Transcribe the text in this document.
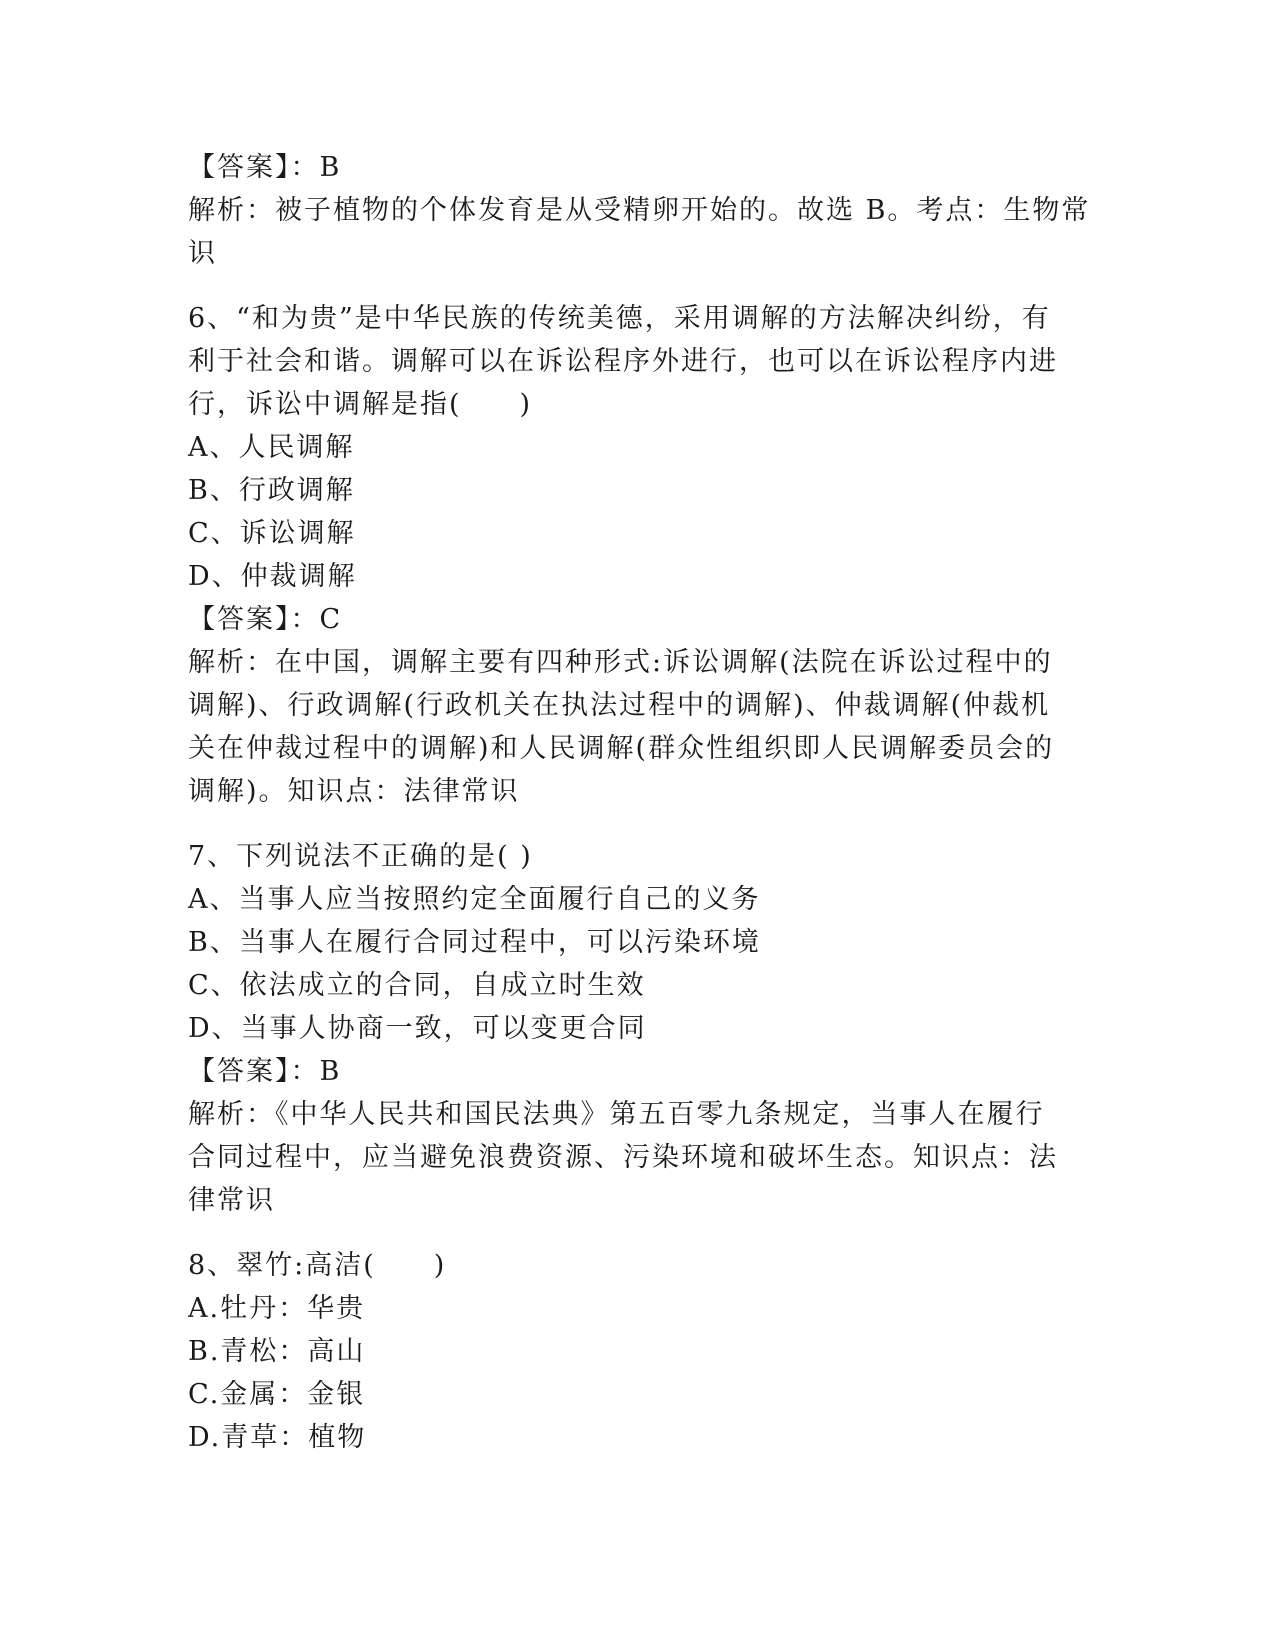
【答案】：B
解析：被子植物的个体发育是从受精卵开始的。故选 B。考点：生物常
识
6、“和为贵”是中华民族的传统美德，采用调解的方法解决纠纷，有
利于社会和谐。调解可以在诉讼程序外进行，也可以在诉讼程序内进
行，诉讼中调解是指(　　)
A、人民调解
B、行政调解
C、诉讼调解
D、仲裁调解
【答案】：C
解析：在中国，调解主要有四种形式:诉讼调解(法院在诉讼过程中的
调解)、行政调解(行政机关在执法过程中的调解)、仲裁调解(仲裁机
关在仲裁过程中的调解)和人民调解(群众性组织即人民调解委员会的
调解)。知识点：法律常识
7、下列说法不正确的是( )
A、当事人应当按照约定全面履行自己的义务
B、当事人在履行合同过程中，可以污染环境
C、依法成立的合同，自成立时生效
D、当事人协商一致，可以变更合同
【答案】：B
解析：《中华人民共和国民法典》第五百零九条规定，当事人在履行
合同过程中，应当避免浪费资源、污染环境和破坏生态。知识点：法
律常识
8、翠竹:高洁(　　)
A.牡丹：华贵
B.青松：高山
C.金属：金银
D.青草：植物
